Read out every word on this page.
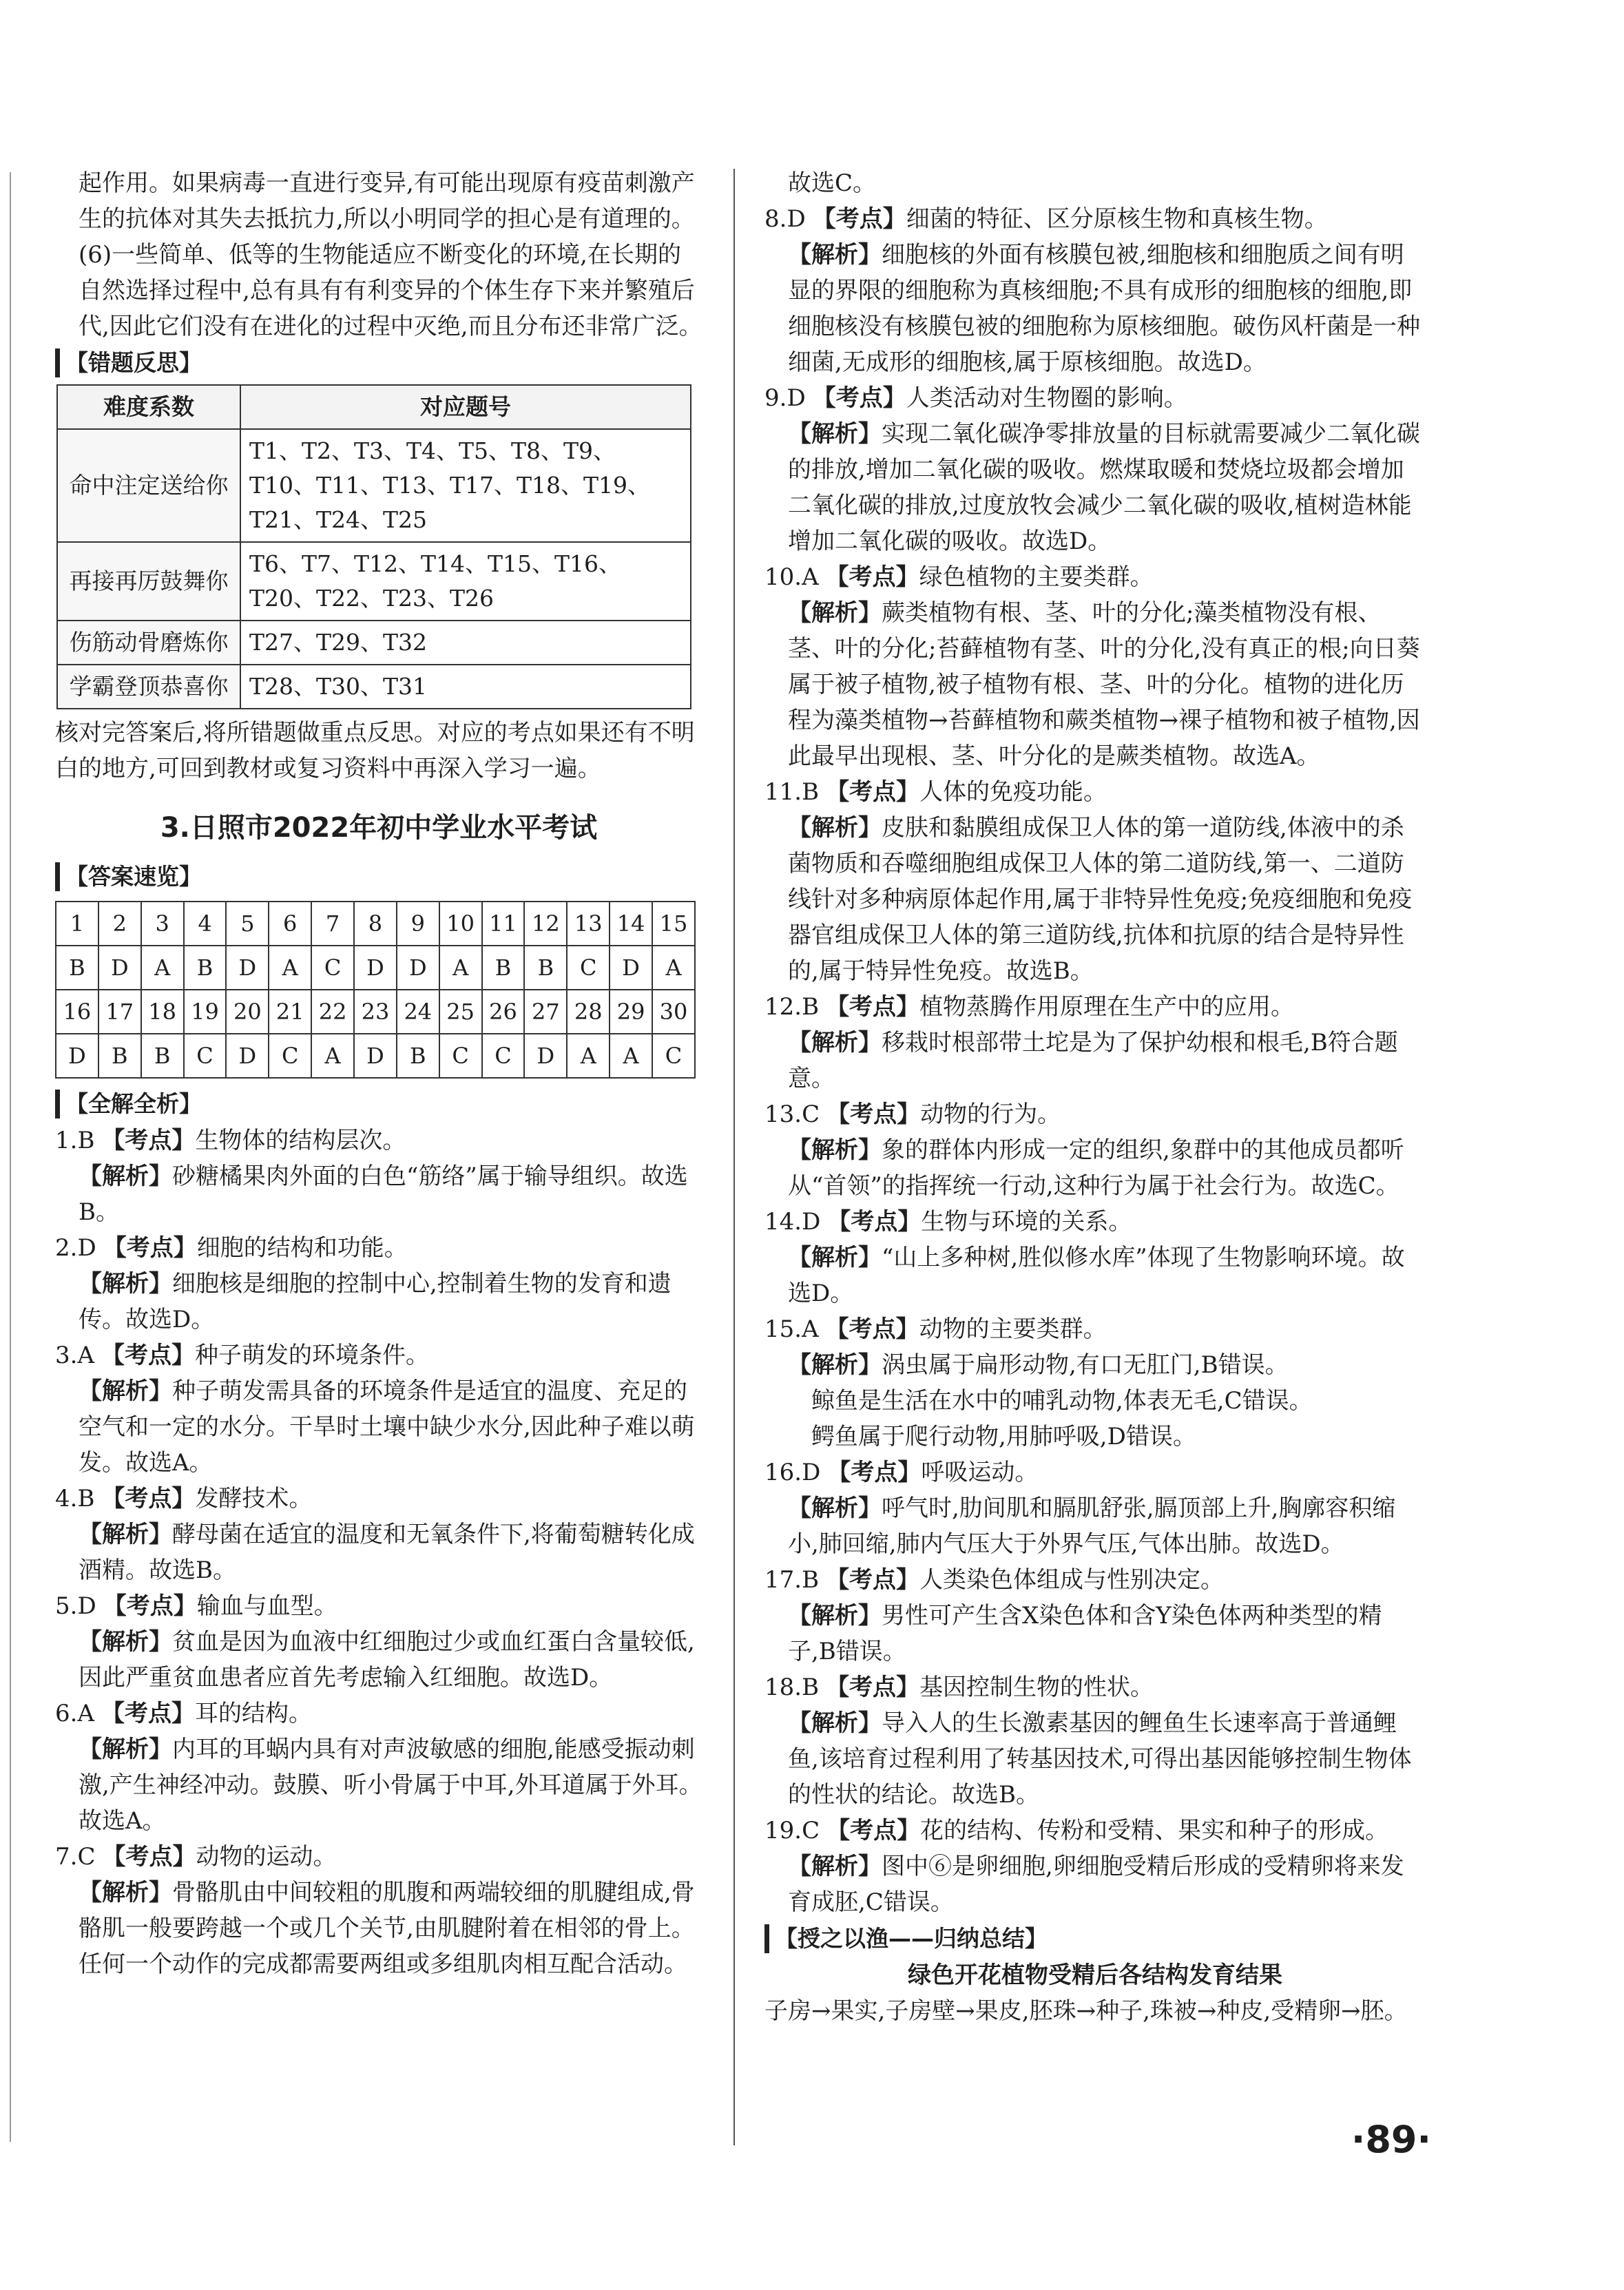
起作用。如果病毒一直进行变异,有可能出现原有疫苗刺激产生的抗体对其失去抵抗力,所以小明同学的担心是有道理的。

(6)一些简单、低等的生物能适应不断变化的环境,在长期的自然选择过程中,总有具有有利变异的个体生存下来并繁殖后代,因此它们没有在进化的过程中灭绝,而且分布还非常广泛。

【错题反思】
难度系数	对应题号
命中注定送给你	T1、T2、T3、T4、T5、T8、T9、T10、T11、T13、T17、T18、T19、T21、T24、T25
再接再厉鼓舞你	T6、T7、T12、T14、T15、T16、T20、T22、T23、T26
伤筋动骨磨炼你	T27、T29、T32
学霸登顶恭喜你	T28、T30、T31

核对完答案后,将所错题做重点反思。对应的考点如果还有不明白的地方,可回到教材或复习资料中再深入学习一遍。

3.日照市2022年初中学业水平考试
【答案速览】
1	2	3	4	5	6	7	8	9	10	11	12	13	14	15
B	D	A	B	D	A	C	D	D	A	B	B	C	D	A
16	17	18	19	20	21	22	23	24	25	26	27	28	29	30
D	B	B	C	D	C	A	D	B	C	C	D	A	A	C
【全解全析】

1.B 【考点】生物体的结构层次。

【解析】砂糖橘果肉外面的白色“筋络”属于输导组织。故选B。

2.D 【考点】细胞的结构和功能。

【解析】细胞核是细胞的控制中心,控制着生物的发育和遗传。故选D。

3.A 【考点】种子萌发的环境条件。

【解析】种子萌发需具备的环境条件是适宜的温度、充足的空气和一定的水分。干旱时土壤中缺少水分,因此种子难以萌发。故选A。

4.B 【考点】发酵技术。

【解析】酵母菌在适宜的温度和无氧条件下,将葡萄糖转化成酒精。故选B。

5.D 【考点】输血与血型。

【解析】贫血是因为血液中红细胞过少或血红蛋白含量较低,因此严重贫血患者应首先考虑输入红细胞。故选D。

6.A 【考点】耳的结构。

【解析】内耳的耳蜗内具有对声波敏感的细胞,能感受振动刺激,产生神经冲动。鼓膜、听小骨属于中耳,外耳道属于外耳。故选A。

7.C 【考点】动物的运动。

【解析】骨骼肌由中间较粗的肌腹和两端较细的肌腱组成,骨骼肌一般要跨越一个或几个关节,由肌腱附着在相邻的骨上。任何一个动作的完成都需要两组或多组肌肉相互配合活动。

故选C。

8.D 【考点】细菌的特征、区分原核生物和真核生物。

【解析】细胞核的外面有核膜包被,细胞核和细胞质之间有明显的界限的细胞称为真核细胞;不具有成形的细胞核的细胞,即细胞核没有核膜包被的细胞称为原核细胞。破伤风杆菌是一种细菌,无成形的细胞核,属于原核细胞。故选D。

9.D 【考点】人类活动对生物圈的影响。

【解析】实现二氧化碳净零排放量的目标就需要减少二氧化碳的排放,增加二氧化碳的吸收。燃煤取暖和焚烧垃圾都会增加二氧化碳的排放,过度放牧会减少二氧化碳的吸收,植树造林能增加二氧化碳的吸收。故选D。

10.A 【考点】绿色植物的主要类群。

【解析】蕨类植物有根、茎、叶的分化;藻类植物没有根、茎、叶的分化;苔藓植物有茎、叶的分化,没有真正的根;向日葵属于被子植物,被子植物有根、茎、叶的分化。植物的进化历程为藻类植物→苔藓植物和蕨类植物→裸子植物和被子植物,因此最早出现根、茎、叶分化的是蕨类植物。故选A。

11.B 【考点】人体的免疫功能。

【解析】皮肤和黏膜组成保卫人体的第一道防线,体液中的杀菌物质和吞噬细胞组成保卫人体的第二道防线,第一、二道防线针对多种病原体起作用,属于非特异性免疫;免疫细胞和免疫器官组成保卫人体的第三道防线,抗体和抗原的结合是特异性的,属于特异性免疫。故选B。

12.B 【考点】植物蒸腾作用原理在生产中的应用。

【解析】移栽时根部带土坨是为了保护幼根和根毛,B符合题意。

13.C 【考点】动物的行为。

【解析】象的群体内形成一定的组织,象群中的其他成员都听从“首领”的指挥统一行动,这种行为属于社会行为。故选C。

14.D 【考点】生物与环境的关系。

【解析】“山上多种树,胜似修水库”体现了生物影响环境。故选D。

15.A 【考点】动物的主要类群。

【解析】涡虫属于扁形动物,有口无肛门,B错误。

鲸鱼是生活在水中的哺乳动物,体表无毛,C错误。

鳄鱼属于爬行动物,用肺呼吸,D错误。

16.D 【考点】呼吸运动。

【解析】呼气时,肋间肌和膈肌舒张,膈顶部上升,胸廓容积缩小,肺回缩,肺内气压大于外界气压,气体出肺。故选D。

17.B 【考点】人类染色体组成与性别决定。

【解析】男性可产生含X染色体和含Y染色体两种类型的精子,B错误。

18.B 【考点】基因控制生物的性状。

【解析】导入人的生长激素基因的鲤鱼生长速率高于普通鲤鱼,该培育过程利用了转基因技术,可得出基因能够控制生物体的性状的结论。故选B。

19.C 【考点】花的结构、传粉和受精、果实和种子的形成。

【解析】图中⑥是卵细胞,卵细胞受精后形成的受精卵将来发育成胚,C错误。

【授之以渔——归纳总结】

绿色开花植物受精后各结构发育结果

子房→果实,子房壁→果皮,胚珠→种子,珠被→种皮,受精卵→胚。

·89·
